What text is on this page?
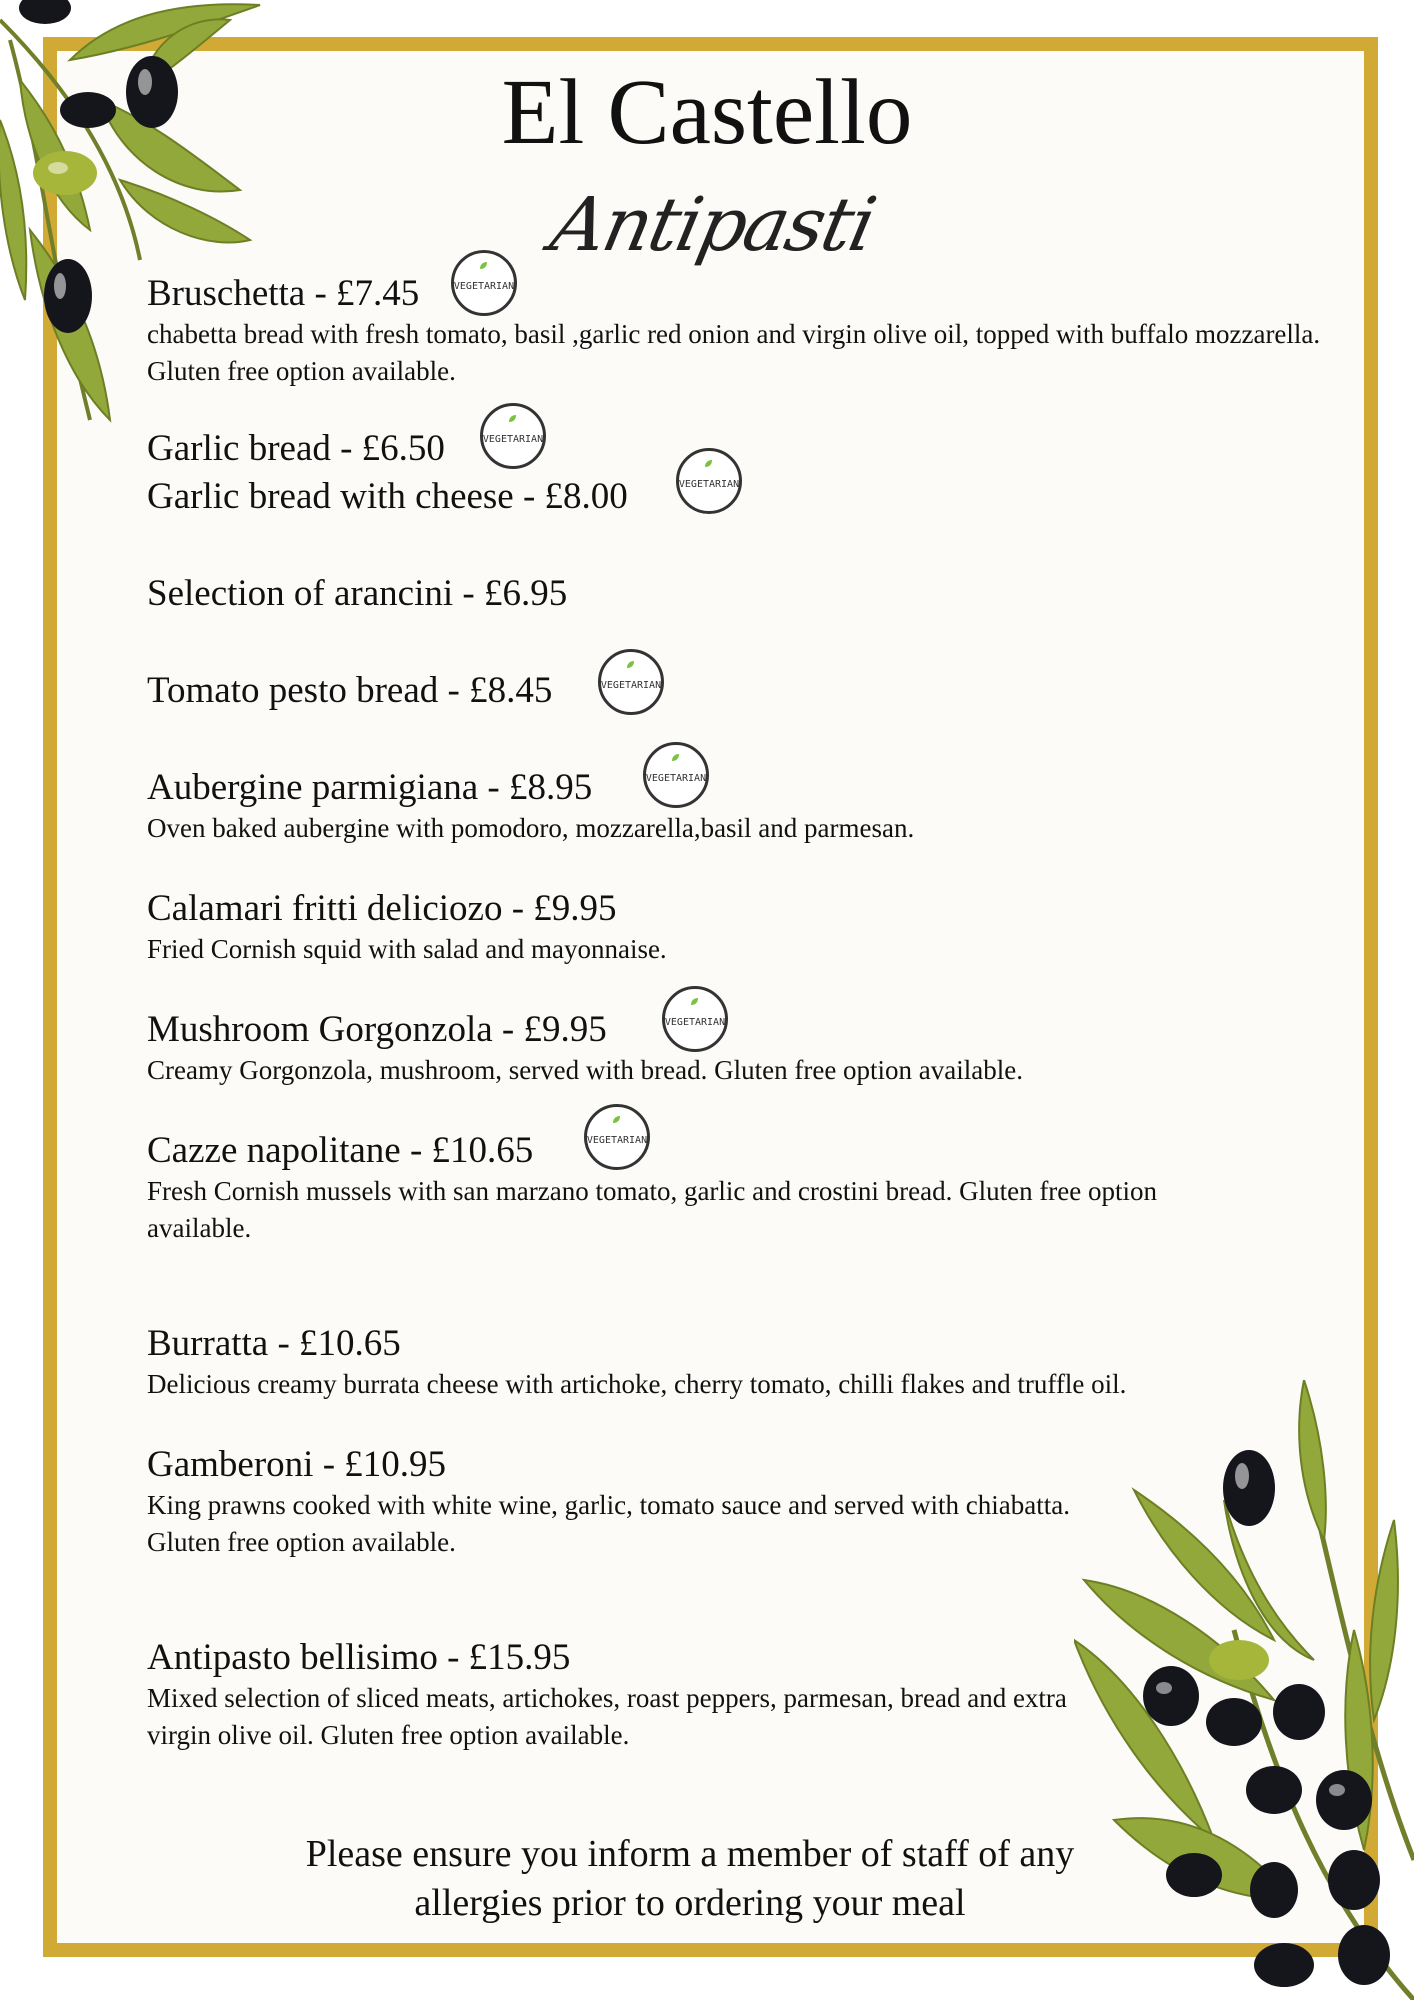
El Castello
Antipasti
Bruschetta - £7.45
chabetta bread with fresh tomato, basil ,garlic red onion and virgin olive oil, topped with buffalo mozzarella. Gluten free option available.
Garlic bread - £6.50
Garlic bread with cheese - £8.00
Selection of arancini - £6.95
Tomato pesto bread - £8.45
Aubergine parmigiana - £8.95
Oven baked aubergine with pomodoro, mozzarella,basil and parmesan.
Calamari fritti deliciozo - £9.95
Fried Cornish squid with salad and mayonnaise.
Mushroom Gorgonzola - £9.95
Creamy Gorgonzola, mushroom, served with bread. Gluten free option available.
Cazze napolitane - £10.65
Fresh Cornish mussels with san marzano tomato, garlic and crostini bread. Gluten free option available.
Burratta - £10.65
Delicious creamy burrata cheese with artichoke, cherry tomato, chilli flakes and truffle oil.
Gamberoni - £10.95
King prawns cooked with white wine, garlic, tomato sauce and served with chiabatta. Gluten free option available.
Antipasto bellisimo - £15.95
Mixed selection of sliced meats, artichokes, roast peppers, parmesan, bread and extra virgin olive oil. Gluten free option available.
VEGETARIAN
VEGETARIAN
VEGETARIAN
VEGETARIAN
VEGETARIAN
VEGETARIAN
VEGETARIAN
Please ensure you inform a member of staff of any
allergies prior to ordering your meal
